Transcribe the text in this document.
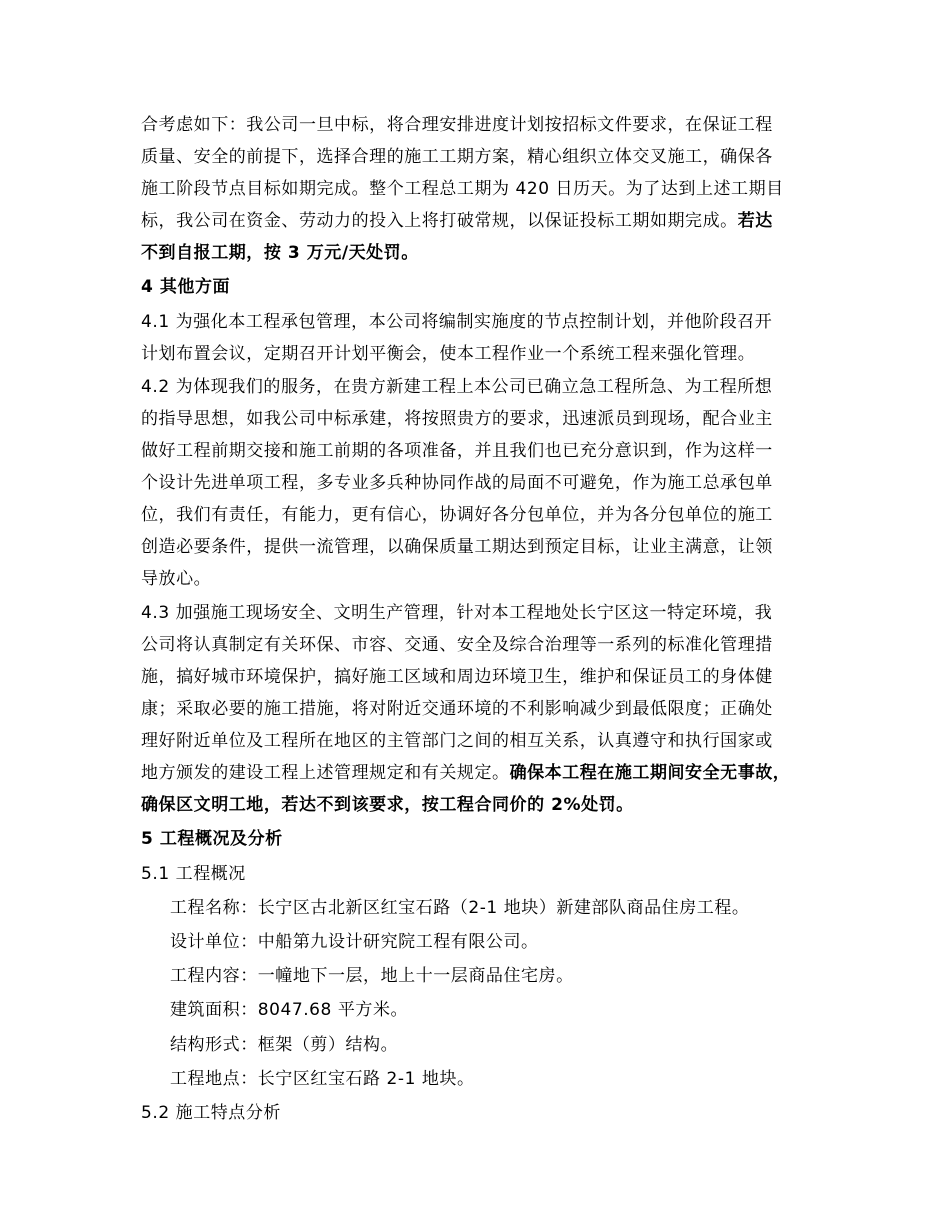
合考虑如下：我公司一旦中标，将合理安排进度计划按招标文件要求，在保证工程
质量、安全的前提下，选择合理的施工工期方案，精心组织立体交叉施工，确保各
施工阶段节点目标如期完成。整个工程总工期为 420 日历天。为了达到上述工期目
标，我公司在资金、劳动力的投入上将打破常规，以保证投标工期如期完成。若达
不到自报工期，按 3 万元/天处罚。
4 其他方面
4.1 为强化本工程承包管理，本公司将编制实施度的节点控制计划，并他阶段召开
计划布置会议，定期召开计划平衡会，使本工程作业一个系统工程来强化管理。
4.2 为体现我们的服务，在贵方新建工程上本公司已确立急工程所急、为工程所想
的指导思想，如我公司中标承建，将按照贵方的要求，迅速派员到现场，配合业主
做好工程前期交接和施工前期的各项准备，并且我们也已充分意识到，作为这样一
个设计先进单项工程，多专业多兵种协同作战的局面不可避免，作为施工总承包单
位，我们有责任，有能力，更有信心，协调好各分包单位，并为各分包单位的施工
创造必要条件，提供一流管理，以确保质量工期达到预定目标，让业主满意，让领
导放心。
4.3 加强施工现场安全、文明生产管理，针对本工程地处长宁区这一特定环境，我
公司将认真制定有关环保、市容、交通、安全及综合治理等一系列的标准化管理措
施，搞好城市环境保护，搞好施工区域和周边环境卫生，维护和保证员工的身体健
康；采取必要的施工措施，将对附近交通环境的不利影响减少到最低限度；正确处
理好附近单位及工程所在地区的主管部门之间的相互关系，认真遵守和执行国家或
地方颁发的建设工程上述管理规定和有关规定。确保本工程在施工期间安全无事故，
确保区文明工地，若达不到该要求，按工程合同价的 2%处罚。
5 工程概况及分析
5.1 工程概况
工程名称：长宁区古北新区红宝石路（2-1 地块）新建部队商品住房工程。
设计单位：中船第九设计研究院工程有限公司。
工程内容：一幢地下一层，地上十一层商品住宅房。
建筑面积：8047.68 平方米。
结构形式：框架（剪）结构。
工程地点：长宁区红宝石路 2-1 地块。
5.2 施工特点分析
